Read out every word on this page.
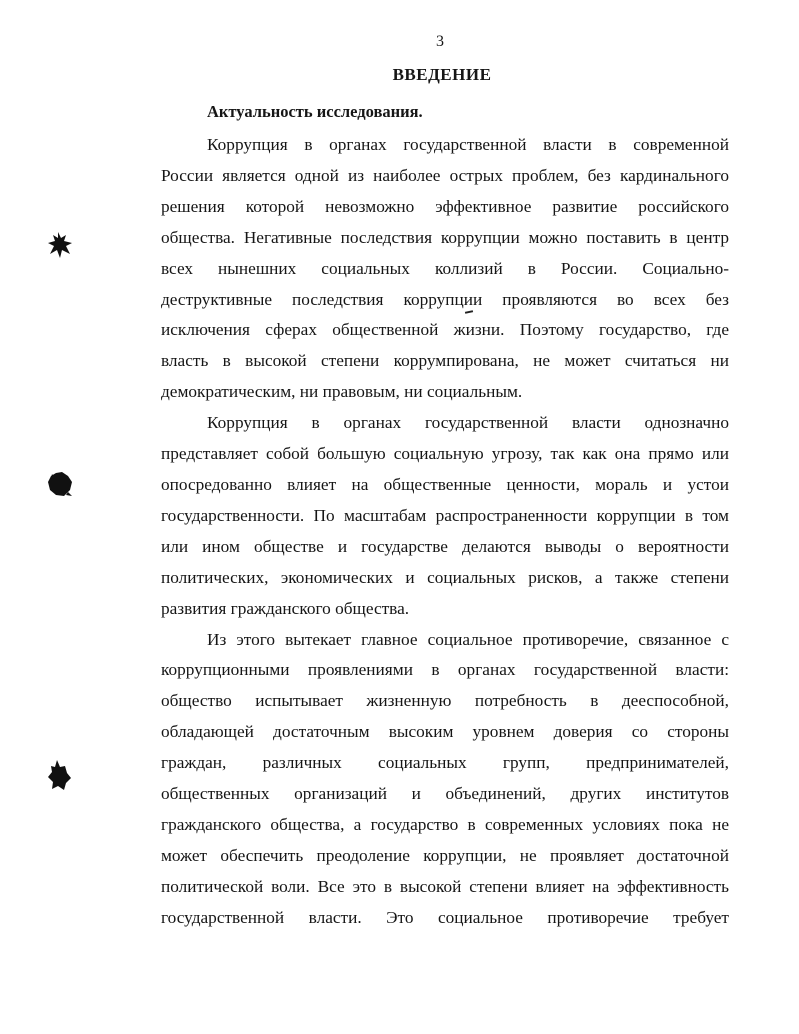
3
ВВЕДЕНИЕ
Актуальность исследования.

Коррупция в органах государственной власти в современной

России является одной из наиболее острых проблем, без кардинального

решения которой невозможно эффективное развитие российского

общества. Негативные последствия коррупции можно поставить в центр

всех нынешних социальных коллизий в России. Социально-

деструктивные последствия коррупции проявляются во всех без

исключения сферах общественной жизни. Поэтому государство, где

власть в высокой степени коррумпирована, не может считаться ни

демократическим, ни правовым, ни социальным.

Коррупция в органах государственной власти однозначно

представляет собой большую социальную угрозу, так как она прямо или

опосредованно влияет на общественные ценности, мораль и устои

государственности. По масштабам распространенности коррупции в том

или ином обществе и государстве делаются выводы о вероятности

политических, экономических и социальных рисков, а также степени

развития гражданского общества.

Из этого вытекает главное социальное противоречие, связанное с

коррупционными проявлениями в органах государственной власти:

общество испытывает жизненную потребность в дееспособной,

обладающей достаточным высоким уровнем доверия со стороны

граждан, различных социальных групп, предпринимателей,

общественных организаций и объединений, других институтов

гражданского общества, а государство в современных условиях пока не

может обеспечить преодоление коррупции, не проявляет достаточной

политической воли. Все это в высокой степени влияет на эффективность

государственной власти. Это социальное противоречие требует
